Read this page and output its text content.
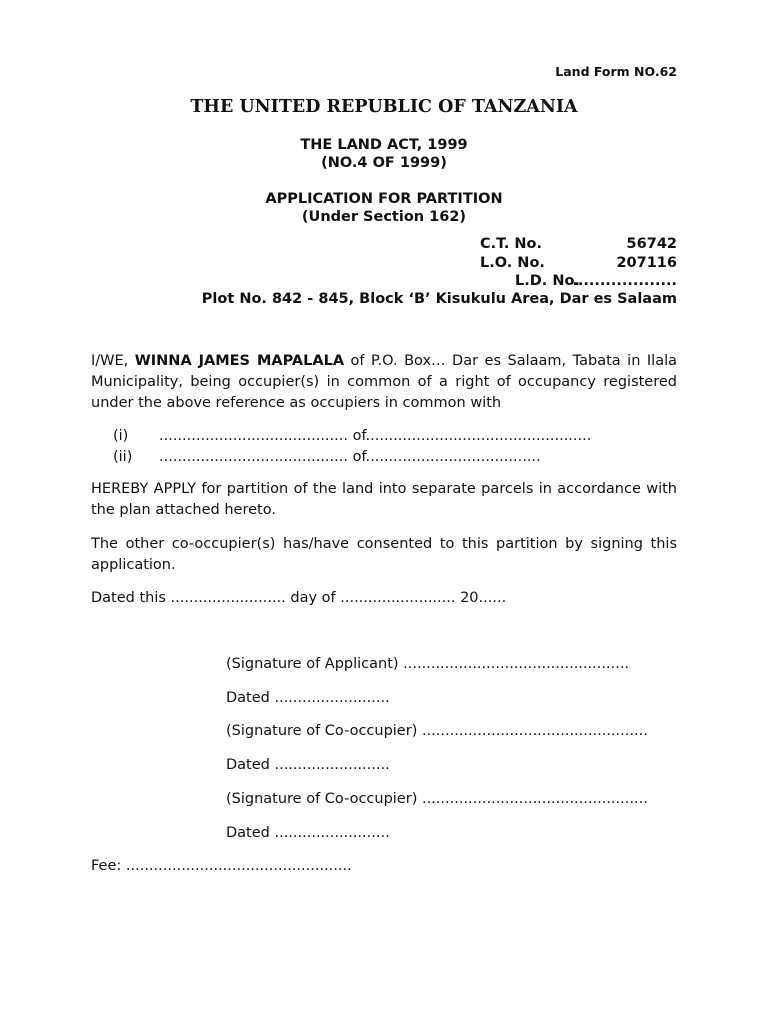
Land Form NO.62
THE UNITED REPUBLIC OF TANZANIA
THE LAND ACT, 1999
(NO.4 OF 1999)
APPLICATION FOR PARTITION
(Under Section 162)
C.T. No.	56742
L.O. No.	207116
L.D. No.
...................
Plot No. 842 - 845, Block ‘B’ Kisukulu Area, Dar es Salaam
I/WE, WINNA JAMES MAPALALA of P.O. Box… Dar es Salaam, Tabata in Ilala Municipality, being occupier(s) in common of a right of occupancy registered under the above reference as occupiers in common with
(i) ......................................... of.................................................
(ii) ......................................... of......................................
HEREBY APPLY for partition of the land into separate parcels in accordance with the plan attached hereto.
The other co-occupier(s) has/have consented to this partition by signing this application.
Dated this ......................... day of ......................... 20......
(Signature of Applicant) .................................................
Dated .........................
(Signature of Co-occupier) .................................................
Dated .........................
(Signature of Co-occupier) .................................................
Dated .........................
Fee: .................................................
